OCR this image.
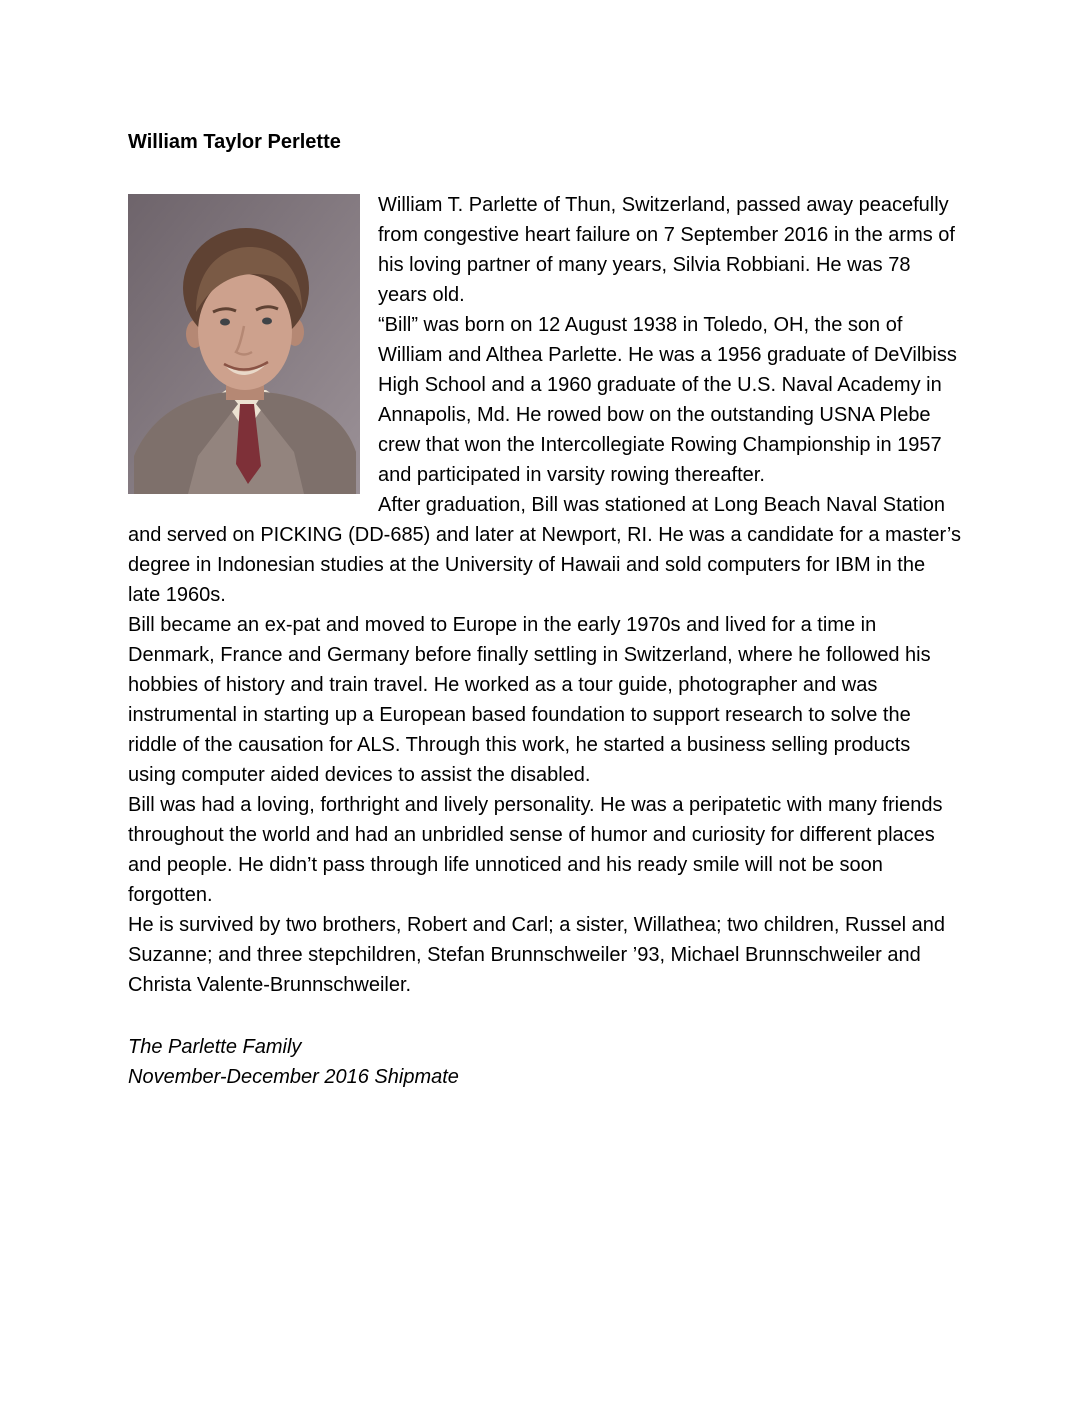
William Taylor Perlette
William T. Parlette of Thun, Switzerland, passed away peacefully from congestive heart failure on 7 September 2016 in the arms of his loving partner of many years, Silvia Robbiani. He was 78 years old.
“Bill” was born on 12 August 1938 in Toledo, OH, the son of William and Althea Parlette. He was a 1956 graduate of DeVilbiss High School and a 1960 graduate of the U.S. Naval Academy in Annapolis, Md. He rowed bow on the outstanding USNA Plebe crew that won the Intercollegiate Rowing Championship in 1957 and participated in varsity rowing thereafter.
After graduation, Bill was stationed at Long Beach Naval Station and served on PICKING (DD-685) and later at Newport, RI. He was a candidate for a master’s degree in Indonesian studies at the University of Hawaii and sold computers for IBM in the late 1960s.
Bill became an ex-pat and moved to Europe in the early 1970s and lived for a time in Denmark, France and Germany before finally settling in Switzerland, where he followed his hobbies of history and train travel. He worked as a tour guide, photographer and was instrumental in starting up a European based foundation to support research to solve the riddle of the causation for ALS. Through this work, he started a business selling products using computer aided devices to assist the disabled.
Bill was had a loving, forthright and lively personality. He was a peripatetic with many friends throughout the world and had an unbridled sense of humor and curiosity for different places and people. He didn’t pass through life unnoticed and his ready smile will not be soon forgotten.
He is survived by two brothers, Robert and Carl; a sister, Willathea; two children, Russel and Suzanne; and three stepchildren, Stefan Brunnschweiler ’93, Michael Brunnschweiler and Christa Valente-Brunnschweiler.
The Parlette Family
November-December 2016 Shipmate
